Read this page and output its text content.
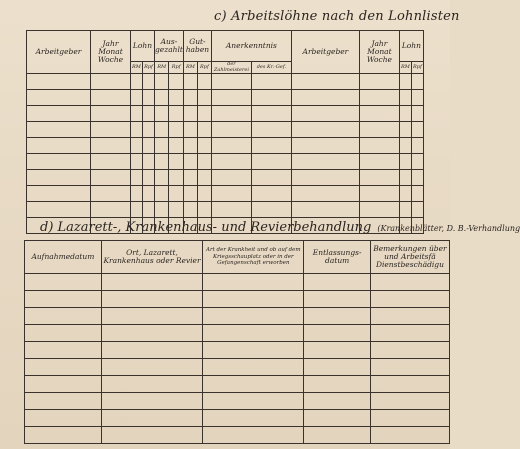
c) Arbeitslöhne nach den Lohnlisten
Arbeitgeber	Jahr Monat Woche	Lohn		Aus-gezahlt		Gut-haben		Anerkenntnis		Arbeitgeber	Jahr Monat Woche	Lohn	
		RM	Rpf	RM	Rpf	RM	Rpf	der Zahlmeisterei	des Kr.-Gef.			RM	Rpf

d) Lazarett-, Krankenhaus- und Revierbehandlung (Krankenblätter, D. B.-Verhandlung
Aufnahmedatum	Ort, Lazarett, Krankenhaus oder Revier	Art der Krankheit und ob auf dem Kriegsschauplatz oder in der Gefangenschaft erworben	Entlassungs-datum	Bemerkungen über und Arbeitsfä Dienstbeschädigu
